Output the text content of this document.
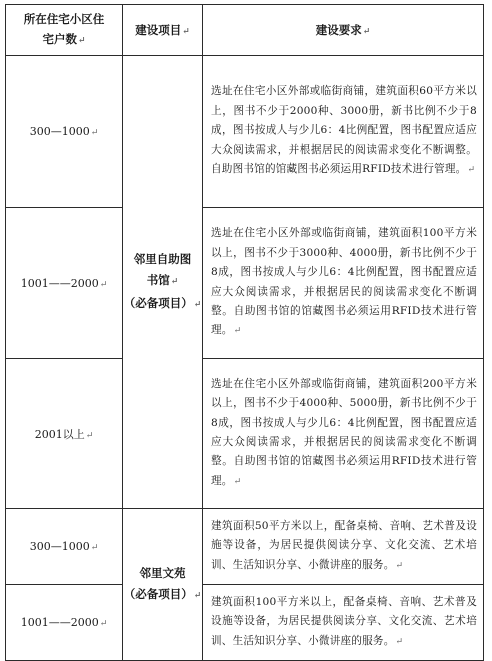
所在住宅小区住
宅户数↵	建设项目↵	建设要求↵
300—1000↵	邻里自助图
书馆↵
（必备项目）↵	选址在住宅小区外部或临街商铺，建筑面积60平方米以上，图书不少于2000种、3000册，新书比例不少于8成，图书按成人与少儿6：4比例配置，图书配置应适应大众阅读需求，并根据居民的阅读需求变化不断调整。自助图书馆的馆藏图书必须运用RFID技术进行管理。↵
1001——2000↵		选址在住宅小区外部或临街商铺，建筑面积100平方米以上，图书不少于3000种、4000册，新书比例不少于8成，图书按成人与少儿6：4比例配置，图书配置应适应大众阅读需求，并根据居民的阅读需求变化不断调整。自助图书馆的馆藏图书必须运用RFID技术进行管理。↵
2001以上↵		选址在住宅小区外部或临街商铺，建筑面积200平方米以上，图书不少于4000种、5000册，新书比例不少于8成，图书按成人与少儿6：4比例配置，图书配置应适应大众阅读需求，并根据居民的阅读需求变化不断调整。自助图书馆的馆藏图书必须运用RFID技术进行管理。↵
300—1000↵	邻里文苑
（必备项目）↵	建筑面积50平方米以上，配备桌椅、音响、艺术普及设施等设备，为居民提供阅读分享、文化交流、艺术培训、生活知识分享、小微讲座的服务。↵
1001——2000↵		建筑面积100平方米以上，配备桌椅、音响、艺术普及设施等设备，为居民提供阅读分享、文化交流、艺术培训、生活知识分享、小微讲座的服务。↵
